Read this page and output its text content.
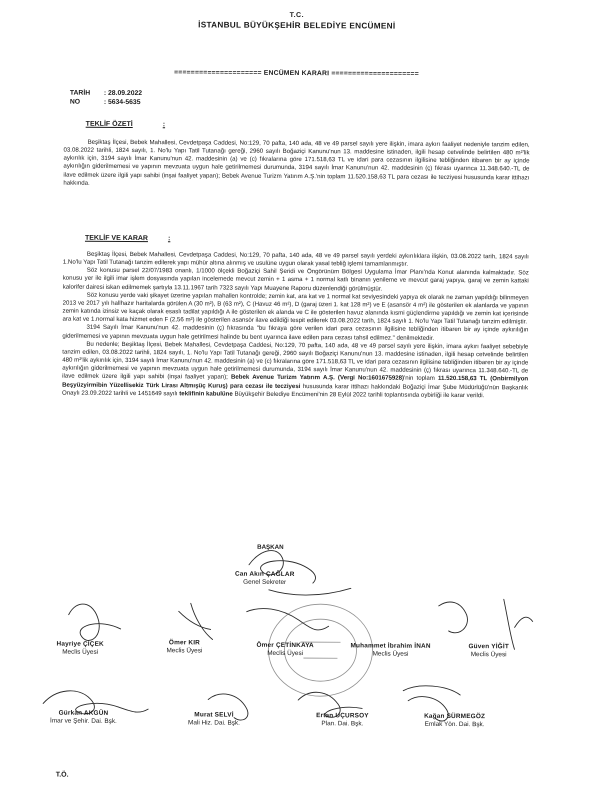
T.C.
İSTANBUL BÜYÜKŞEHİR BELEDİYE ENCÜMENİ
===================== ENCÜMEN KARARI =====================
TARİH : 28.09.2022
NO	: 5634-5635
TEKLİF ÖZETİ	:

Beşiktaş İlçesi, Bebek Mahallesi, Cevdetpaşa Caddesi, No:129, 70 pafta, 140 ada, 48 ve 49 parsel sayılı yere ilişkin, imara aykırı faaliyet nedeniyle tanzim edilen, 03.08.2022 tarihli, 1824 sayılı, 1. No'lu Yapı Tatil Tutanağı gereği, 2960 sayılı Boğaziçi Kanunu'nun 13. maddesine istinaden, ilgili hesap cetvelinde belirtilen 480 m²'lik aykırılık için, 3194 sayılı İmar Kanunu'nun 42. maddesinin (a) ve (c) fıkralarına göre 171.518,63 TL ve idari para cezasının ilgilisine tebliğinden itibaren bir ay içinde aykırılığın giderilmemesi ve yapının mevzuata uygun hale getirilmemesi durumunda, 3194 sayılı İmar Kanunu'nun 42. maddesinin (ç) fıkrası uyarınca 11.348.640.-TL de ilave edilmek üzere ilgili yapı sahibi (inşai faaliyet yapan); Bebek Avenue Turizm Yatırım A.Ş.'nin toplam 11.520.158,63 TL para cezası ile tecziyesi hususunda karar ittihazı hakkında.

TEKLİF VE KARAR	:

Beşiktaş İlçesi, Bebek Mahallesi, Cevdetpaşa Caddesi, No:129, 70 pafta, 140 ada, 48 ve 49 parsel sayılı yerdeki aykırılıklara ilişkin, 03.08.2022 tarih, 1824 sayılı 1.No'lu Yapı Tatil Tutanağı tanzim edilerek yapı mühür altına alınmış ve usulüne uygun olarak yasal tebliğ işlemi tamamlanmıştır.

Söz konusu parsel 22/07/1983 onanlı, 1/1000 ölçekli Boğaziçi Sahil Şeridi ve Öngörünüm Bölgesi Uygulama İmar Planı'nda Konut alanında kalmaktadır. Söz konusu yer ile ilgili imar işlem dosyasında yapılan incelemede mevcut zemin + 1 asma + 1 normal katlı binanın yenileme ve mevcut garaj yapıya, garaj ve zemin kattaki kalorifer dairesi iskan edilmemek şartıyla 13.11.1967 tarih 7323 sayılı Yapı Muayene Raporu düzenlendiği görülmüştür.

Söz konusu yerde vaki şikayet üzerine yapılan mahallen kontrolde; zemin kat, ara kat ve 1 normal kat seviyesindeki yapıya ek olarak ne zaman yapıldığı bilinmeyen 2013 ve 2017 yılı hallhazır haritalarda görülen A (30 m²), B (63 m²), C (Havuz 46 m²), D (garaj üzeri 1. kat 128 m²) ve E (asansör 4 m²) ile gösterilen ek alanlarda ve yapının zemin katında izinsiz ve kaçak olarak esaslı tadilat yapıldığı A ile gösterilen ek alanda ve C ile gösterilen havuz alanında kısmi güçlendirme yapıldığı ve zemin kat içerisinde ara kat ve 1.normal kata hizmet eden F (2,56 m²) ile gösterilen asansör ilave edildiği tespit edilerek 03.08.2022 tarih, 1824 sayılı 1. No'lu Yapı Tatil Tutanağı tanzim edilmiştir.

3194 Sayılı İmar Kanunu'nun 42. maddesinin (ç) fıkrasında "bu fıkraya göre verilen idari para cezasının ilgilisine tebliğinden itibaren bir ay içinde aykırılığın giderilmemesi ve yapının mevzuata uygun hale getirilmesi halinde bu bent uyarınca ilave edilen para cezası tahsil edilmez." denilmektedir.

Bu nedenle; Beşiktaş İlçesi, Bebek Mahallesi, Cevdetpaşa Caddesi, No:129, 70 pafta, 140 ada, 48 ve 49 parsel sayılı yere ilişkin, imara aykırı faaliyet sebebiyle tanzim edilen, 03.08.2022 tarihli, 1824 sayılı, 1. No'lu Yapı Tatil Tutanağı gereği, 2960 sayılı Boğaziçi Kanunu'nun 13. maddesine istinaden, ilgili hesap cetvelinde belirtilen 480 m²'lik aykırılık için, 3194 sayılı İmar Kanunu'nun 42. maddesinin (a) ve (c) fıkralarına göre 171.518,63 TL ve idari para cezasının ilgilisine tebliğinden itibaren bir ay içinde aykırılığın giderilmemesi ve yapının mevzuata uygun hale getirilmemesi durumunda, 3194 sayılı İmar Kanunu'nun 42. maddesinin (ç) fıkrası uyarınca 11.348.640.-TL de ilave edilmek üzere ilgili yapı sahibi (inşai faaliyet yapan); Bebek Avenue Turizm Yatırım A.Ş. (Vergi No:1601675928)'nin toplam 11.520.158,63 TL (Onbirmilyon Beşyüzyirmibin Yüzellisekiz Türk Lirası Altmışüç Kuruş) para cezası ile tecziyesi hususunda karar ittihazı hakkındaki Boğaziçi İmar Şube Müdürlüğü'nün Başkanlık Onaylı 23.09.2022 tarihli ve 1451649 sayılı teklifinin kabulüne Büyükşehir Belediye Encümeni'nin 28 Eylül 2022 tarihli toplantısında oybirliği ile karar verildi.

BAŞKAN
Can Akın ÇAĞLAR
Genel Sekreter
Hayriye ÇİÇEK
Meclis Üyesi
Ömer KIR
Meclis Üyesi
Ömer ÇETİNKAYA
Meclis Üyesi
Muhammet İbrahim İNAN
Meclis Üyesi
Güven YİĞİT
Meclis Üyesi
Gürkan AKGÜN
İmar ve Şehir. Dai. Bşk.
Murat SELVİ
Mali Hiz. Dai. Bşk.
Ertan UÇURSOY
Plan. Dai. Bşk.
Kağan SÜRMEGÖZ
Emlak Yön. Dai. Bşk.
T.Ö.
